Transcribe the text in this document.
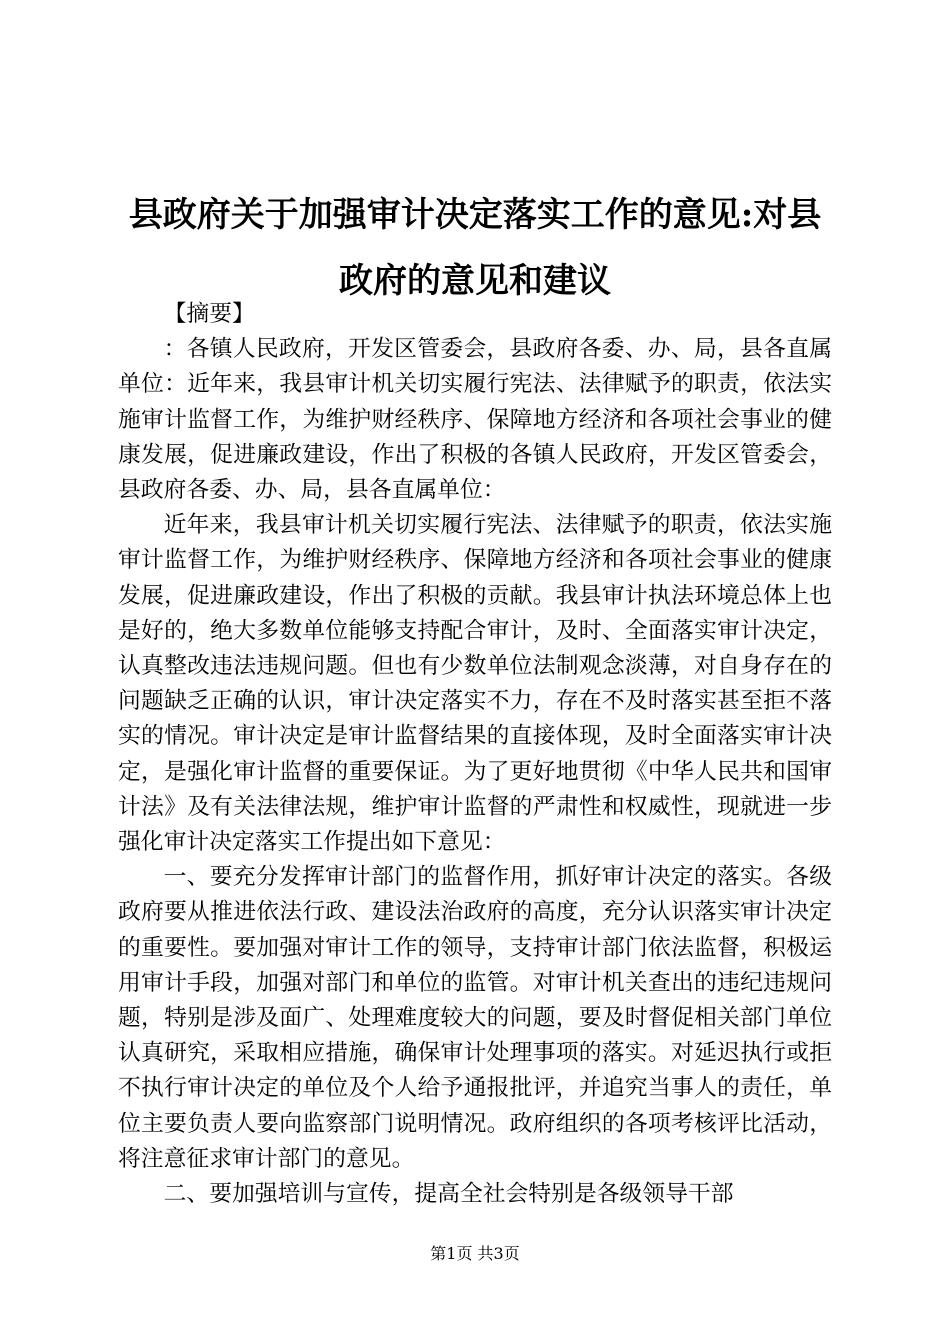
县政府关于加强审计决定落实工作的意见:对县政府的意见和建议

【摘要】

：各镇人民政府，开发区管委会，县政府各委、办、局，县各直属单位：近年来，我县审计机关切实履行宪法、法律赋予的职责，依法实施审计监督工作，为维护财经秩序、保障地方经济和各项社会事业的健康发展，促进廉政建设，作出了积极的各镇人民政府，开发区管委会，县政府各委、办、局，县各直属单位：

近年来，我县审计机关切实履行宪法、法律赋予的职责，依法实施审计监督工作，为维护财经秩序、保障地方经济和各项社会事业的健康发展，促进廉政建设，作出了积极的贡献。我县审计执法环境总体上也是好的，绝大多数单位能够支持配合审计，及时、全面落实审计决定，认真整改违法违规问题。但也有少数单位法制观念淡薄，对自身存在的问题缺乏正确的认识，审计决定落实不力，存在不及时落实甚至拒不落实的情况。审计决定是审计监督结果的直接体现，及时全面落实审计决定，是强化审计监督的重要保证。为了更好地贯彻《中华人民共和国审计法》及有关法律法规，维护审计监督的严肃性和权威性，现就进一步强化审计决定落实工作提出如下意见：

一、要充分发挥审计部门的监督作用，抓好审计决定的落实。各级政府要从推进依法行政、建设法治政府的高度，充分认识落实审计决定的重要性。要加强对审计工作的领导，支持审计部门依法监督，积极运用审计手段，加强对部门和单位的监管。对审计机关查出的违纪违规问题，特别是涉及面广、处理难度较大的问题，要及时督促相关部门单位认真研究，采取相应措施，确保审计处理事项的落实。对延迟执行或拒不执行审计决定的单位及个人给予通报批评，并追究当事人的责任，单位主要负责人要向监察部门说明情况。政府组织的各项考核评比活动，将注意征求审计部门的意见。

二、要加强培训与宣传，提高全社会特别是各级领导干部

第1页 共3页
